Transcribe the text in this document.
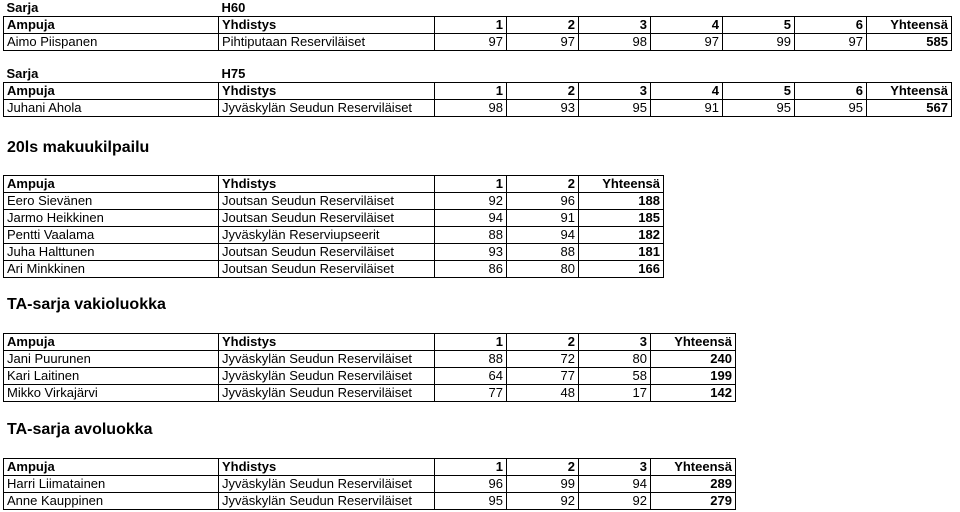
Sarja	H60							
Ampuja	Yhdistys	1	2	3	4	5	6	Yhteensä
Aimo Piispanen	Pihtiputaan Reserviläiset	97	97	98	97	99	97	585
Sarja	H75							
Ampuja	Yhdistys	1	2	3	4	5	6	Yhteensä
Juhani Ahola	Jyväskylän Seudun Reserviläiset	98	93	95	91	95	95	567
20ls makuukilpailu
Ampuja	Yhdistys	1	2	Yhteensä
Eero Sievänen	Joutsan Seudun Reserviläiset	92	96	188
Jarmo Heikkinen	Joutsan Seudun Reserviläiset	94	91	185
Pentti Vaalama	Jyväskylän Reserviupseerit	88	94	182
Juha Halttunen	Joutsan Seudun Reserviläiset	93	88	181
Ari Minkkinen	Joutsan Seudun Reserviläiset	86	80	166
TA-sarja vakioluokka
Ampuja	Yhdistys	1	2	3	Yhteensä
Jani Puurunen	Jyväskylän Seudun Reserviläiset	88	72	80	240
Kari Laitinen	Jyväskylän Seudun Reserviläiset	64	77	58	199
Mikko Virkajärvi	Jyväskylän Seudun Reserviläiset	77	48	17	142
TA-sarja avoluokka
Ampuja	Yhdistys	1	2	3	Yhteensä
Harri Liimatainen	Jyväskylän Seudun Reserviläiset	96	99	94	289
Anne Kauppinen	Jyväskylän Seudun Reserviläiset	95	92	92	279
